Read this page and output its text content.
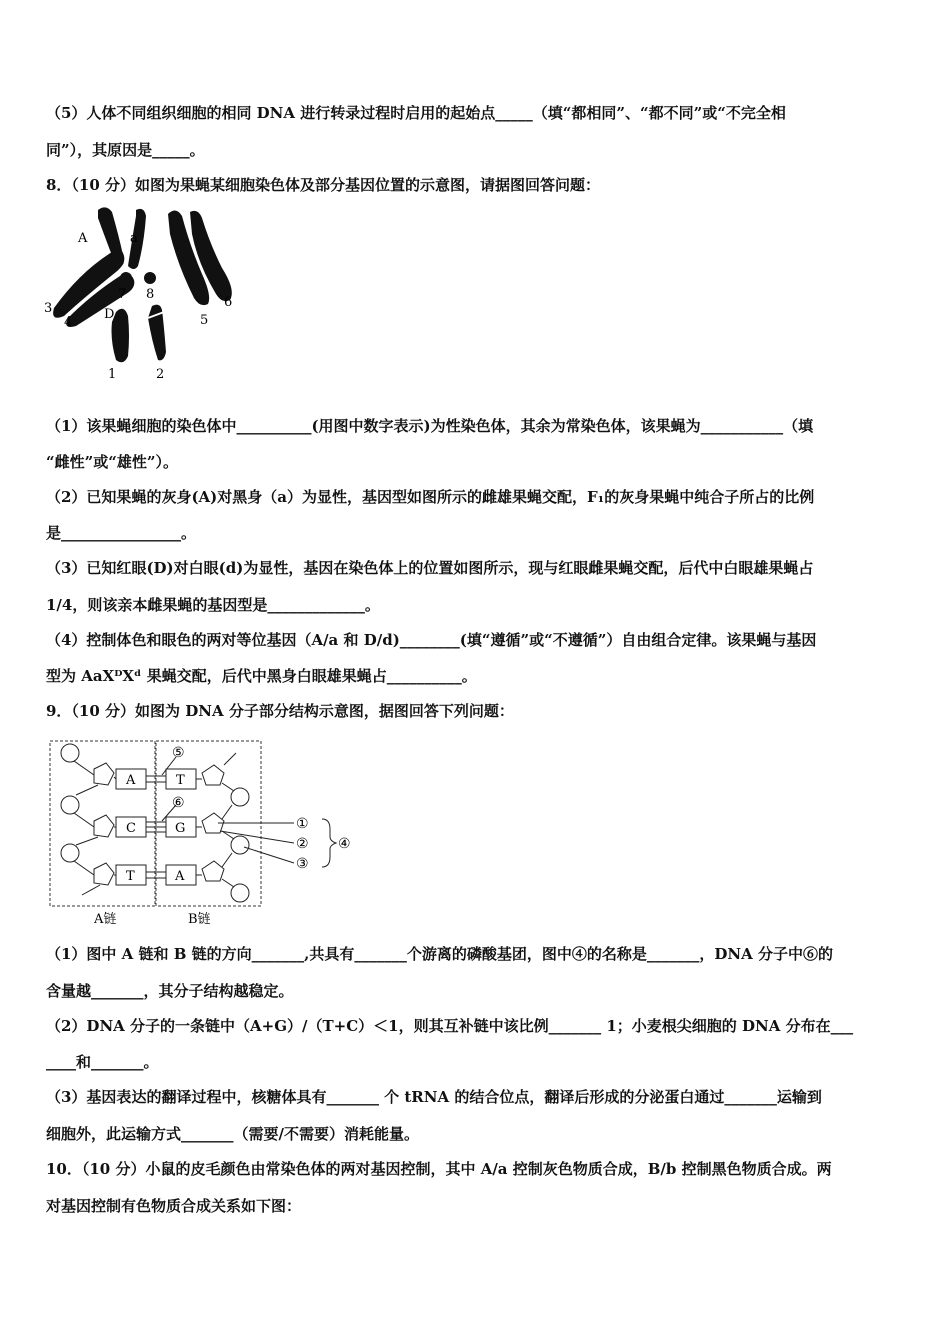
（5）人体不同组织细胞的相同 DNA 进行转录过程时启用的起始点_____（填“都相同”、“都不同”或“不完全相
同”），其原因是_____。
8．（10 分）如图为果蝇某细胞染色体及部分基因位置的示意图，请据图回答问题：
A	a
D
7 8
3
4
6
5
1	2
（1）该果蝇细胞的染色体中__________(用图中数字表示)为性染色体，其余为常染色体，该果蝇为___________（填
“雌性”或“雄性”）。
（2）已知果蝇的灰身(A)对黑身（a）为显性，基因型如图所示的雌雄果蝇交配，F₁的灰身果蝇中纯合子所占的比例
是________________。
（3）已知红眼(D)对白眼(d)为显性，基因在染色体上的位置如图所示，现与红眼雌果蝇交配，后代中白眼雄果蝇占
1/4，则该亲本雌果蝇的基因型是_____________。
（4）控制体色和眼色的两对等位基因（A/a 和 D/d)________(填“遵循”或“不遵循”）自由组合定律。该果蝇与基因
型为 AaXᴰXᵈ 果蝇交配，后代中黑身白眼雄果蝇占__________。
9．（10 分）如图为 DNA 分子部分结构示意图，据图回答下列问题：
A	T
C	G
T	A
⑤
⑥
①
②
③
④
A链	B链
（1）图中 A 链和 B 链的方向_______,共具有_______个游离的磷酸基团，图中④的名称是_______，DNA 分子中⑥的
含量越_______，其分子结构越稳定。
（2）DNA 分子的一条链中（A+G）/（T+C）＜1，则其互补链中该比例_______ 1；小麦根尖细胞的 DNA 分布在___
____和_______。
（3）基因表达的翻译过程中，核糖体具有_______ 个 tRNA 的结合位点，翻译后形成的分泌蛋白通过_______运输到
细胞外，此运输方式_______（需要/不需要）消耗能量。
10．（10 分）小鼠的皮毛颜色由常染色体的两对基因控制，其中 A/a 控制灰色物质合成，B/b 控制黑色物质合成。两
对基因控制有色物质合成关系如下图：
